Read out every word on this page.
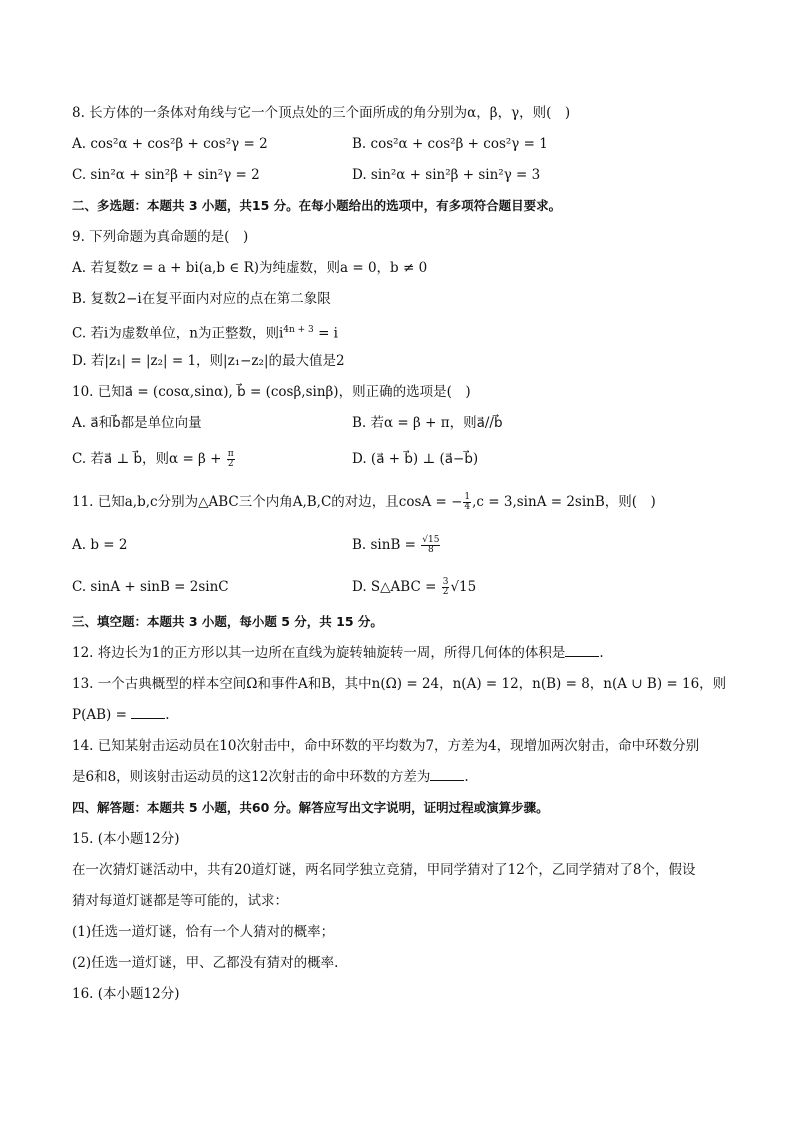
8. 长方体的一条体对角线与它一个顶点处的三个面所成的角分别为α，β，γ，则(　)
A. cos²α + cos²β + cos²γ = 2	B. cos²α + cos²β + cos²γ = 1
C. sin²α + sin²β + sin²γ = 2	D. sin²α + sin²β + sin²γ = 3
二、多选题：本题共 3 小题，共15 分。在每小题给出的选项中，有多项符合题目要求。
9. 下列命题为真命题的是(　)
A. 若复数z = a + bi(a,b ∈ R)为纯虚数，则a = 0，b ≠ 0
B. 复数2−i在复平面内对应的点在第二象限
C. 若i为虚数单位，n为正整数，则$i^{4n + 3} = i$
D. 若|z₁| = |z₂| = 1，则|z₁−z₂|的最大值是2
10. 已知a⃗ = (cosα,sinα), b⃗ = (cosβ,sinβ)，则正确的选项是(　)
A. a⃗和b⃗都是单位向量	B. 若α = β + π，则a⃗//b⃗
C. 若a⃗ ⊥ b⃗，则$\alpha = \beta + \frac{\pi}{2}$	D. (a⃗ + b⃗) ⊥ (a⃗−b⃗)
11. 已知a,b,c分别为△ABC三个内角A,B,C的对边，且cosA = − $\frac{1}{4} ,c = 3,\sin A = 2\sin B$，则(　)
A. b = 2	B. $\sin B = \frac{√15}{8}$
C. sinA + sinB = 2sinC	D. S△ABC = $\frac{3}{2} √15$
三、填空题：本题共 3 小题，每小题 5 分，共 15 分。
12. 将边长为1的正方形以其一边所在直线为旋转轴旋转一周，所得几何体的体积是	.
13. 一个古典概型的样本空间Ω和事件A和B，其中n(Ω) = 24，n(A) = 12，n(B) = 8，n(A ∪ B) = 16，则
P(AB) =	.
14. 已知某射击运动员在10次射击中，命中环数的平均数为7，方差为4，现增加两次射击，命中环数分别
是6和8，则该射击运动员的这12次射击的命中环数的方差为	.
四、解答题：本题共 5 小题，共60 分。解答应写出文字说明，证明过程或演算步骤。
15. (本小题12分)
在一次猜灯谜活动中，共有20道灯谜，两名同学独立竞猜，甲同学猜对了12个，乙同学猜对了8个，假设
猜对每道灯谜都是等可能的，试求：
(1)任选一道灯谜，恰有一个人猜对的概率；
(2)任选一道灯谜，甲、乙都没有猜对的概率.
16. (本小题12分)
